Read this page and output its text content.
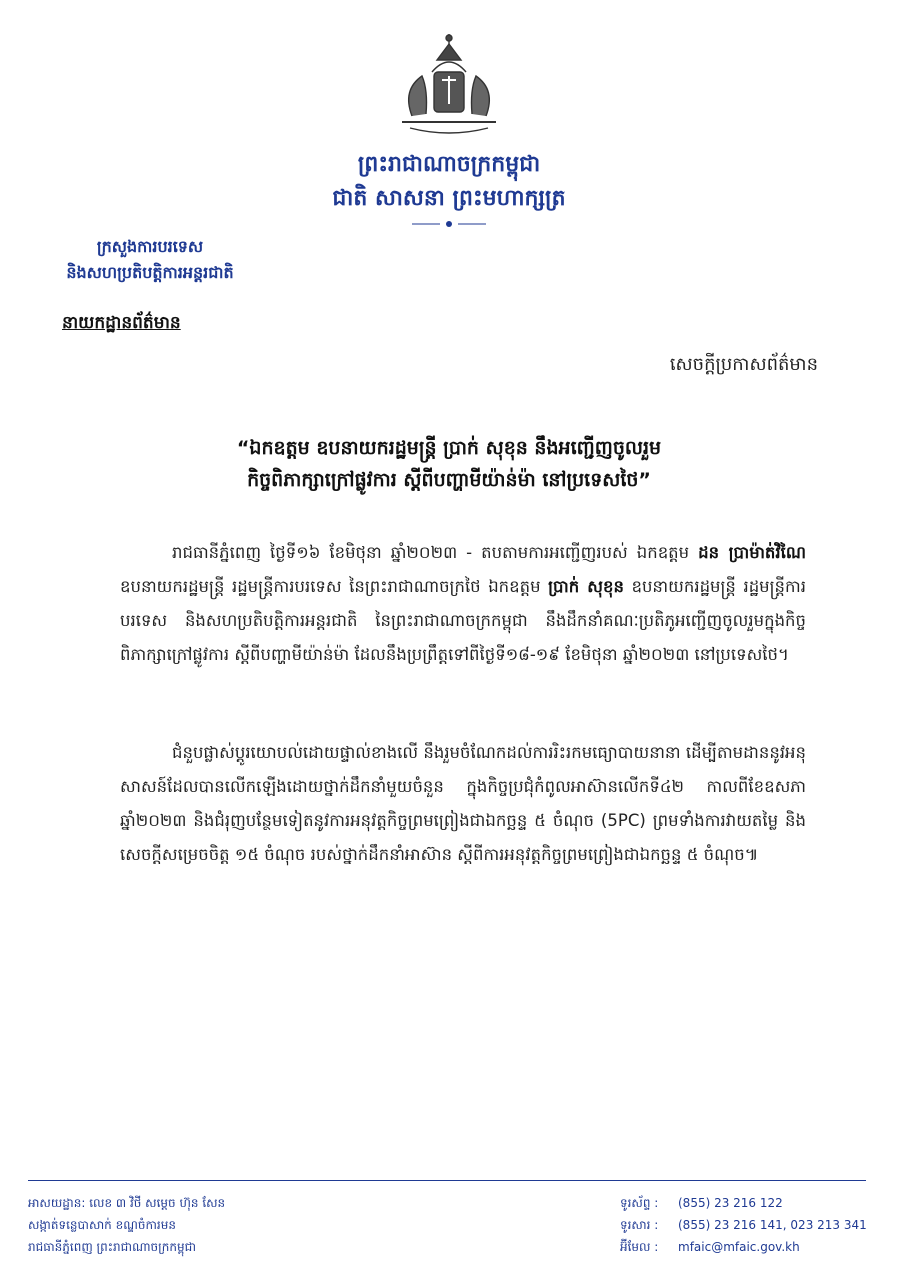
ព្រះរាជាណាចក្រកម្ពុជា
ជាតិ សាសនា ព្រះមហាក្សត្រ
ក្រសួងការបរទេស
និងសហប្រតិបត្តិការអន្តរជាតិ
នាយកដ្ឋានព័ត៌មាន
សេចក្តីប្រកាសព័ត៌មាន
“ឯកឧត្តម ឧបនាយករដ្ឋមន្ត្រី ប្រាក់ សុខុន នឹងអញ្ជើញចូលរួម
កិច្ចពិភាក្សាក្រៅផ្លូវការ ស្តីពីបញ្ហាមីយ៉ាន់ម៉ា នៅប្រទេសថៃ”

រាជធានីភ្នំពេញ ថ្ងៃទី១៦ ខែមិថុនា ឆ្នាំ២០២៣ - តបតាមការអញ្ជើញរបស់ ឯកឧត្តម ដន ប្រាម៉ាត់វិណៃ ឧបនាយករដ្ឋមន្ត្រី រដ្ឋមន្ត្រីការបរទេស នៃព្រះរាជាណាចក្រថៃ ឯកឧត្តម ប្រាក់ សុខុន ឧបនាយករដ្ឋមន្ត្រី រដ្ឋមន្ត្រីការបរទេស និងសហប្រតិបត្តិការអន្តរជាតិ នៃព្រះរាជាណាចក្រកម្ពុជា នឹងដឹកនាំគណៈប្រតិភូអញ្ជើញចូលរួមក្នុងកិច្ចពិភាក្សាក្រៅផ្លូវការ ស្តីពីបញ្ហាមីយ៉ាន់ម៉ា ដែលនឹងប្រព្រឹត្តទៅពីថ្ងៃទី១៨-១៩ ខែមិថុនា ឆ្នាំ២០២៣ នៅប្រទេសថៃ។

ជំនួបផ្លាស់ប្តូរយោបល់ដោយផ្ទាល់ខាងលើ នឹងរួមចំណែកដល់ការរិះរកមធ្យោបាយនានា ដើម្បីតាមដាននូវអនុសាសន៍ដែលបានលើកឡើងដោយថ្នាក់ដឹកនាំមួយចំនួន ក្នុងកិច្ចប្រជុំកំពូលអាស៊ានលើកទី៤២ កាលពីខែឧសភា ឆ្នាំ២០២៣ និងជំរុញបន្ថែមទៀតនូវការអនុវត្តកិច្ចព្រមព្រៀងជាឯកច្ឆន្ទ ៥ ចំណុច (5PC) ព្រមទាំងការវាយតម្លៃ និងសេចក្តីសម្រេចចិត្ត ១៥ ចំណុច របស់ថ្នាក់ដឹកនាំអាស៊ាន ស្តីពីការអនុវត្តកិច្ចព្រមព្រៀងជាឯកច្ឆន្ទ ៥ ចំណុច៕

អាសយដ្ឋាន: លេខ ៣ វិថី សម្តេច ហ៊ុន សែន
សង្កាត់ទន្លេបាសាក់ ខណ្ឌចំការមន
រាជធានីភ្នំពេញ ព្រះរាជាណាចក្រកម្ពុជា
ទូរស័ព្ទ : (855) 23 216 122
ទូរសារ : (855) 23 216 141, 023 213 341
អ៊ីមែល : mfaic@mfaic.gov.kh
